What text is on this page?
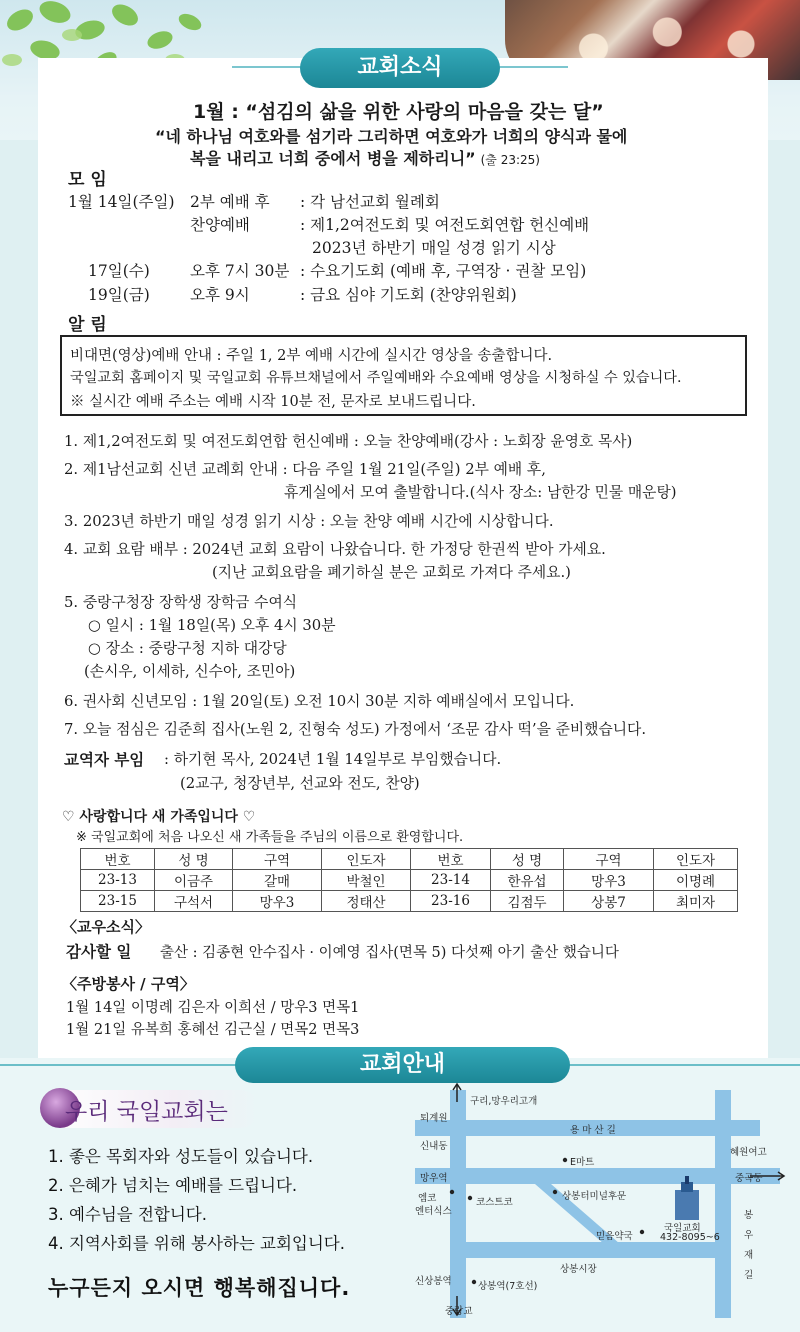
교회소식
1월 : “섬김의 삶을 위한 사랑의 마음을 갖는 달”
“네 하나님 여호와를 섬기라 그리하면 여호와가 너희의 양식과 물에
복을 내리고 너희 중에서 병을 제하리니” (출 23:25)
모 임
1월 14일(주일) 2부 예배 후 : 각 남선교회 월례회
찬양예배	: 제1,2여전도회 및 여전도회연합 헌신예배
2023년 하반기 매일 성경 읽기 시상
17일(수)	오후 7시 30분 : 수요기도회 (예배 후, 구역장 · 권찰 모임)
19일(금)	오후 9시	: 금요 심야 기도회 (찬양위원회)
알 림
비대면(영상)예배 안내 : 주일 1, 2부 예배 시간에 실시간 영상을 송출합니다.
국일교회 홈페이지 및 국일교회 유튜브채널에서 주일예배와 수요예배 영상을 시청하실 수 있습니다.
※ 실시간 예배 주소는 예배 시작 10분 전, 문자로 보내드립니다.
1. 제1,2여전도회 및 여전도회연합 헌신예배 : 오늘 찬양예배(강사 : 노회장 윤영호 목사)
2. 제1남선교회 신년 교례회 안내 : 다음 주일 1월 21일(주일) 2부 예배 후,
휴게실에서 모여 출발합니다.(식사 장소: 남한강 민물 매운탕)
3. 2023년 하반기 매일 성경 읽기 시상 : 오늘 찬양 예배 시간에 시상합니다.
4. 교회 요람 배부 : 2024년 교회 요람이 나왔습니다. 한 가정당 한권씩 받아 가세요.
(지난 교회요람을 폐기하실 분은 교회로 가져다 주세요.)
5. 중랑구청장 장학생 장학금 수여식
○ 일시 : 1월 18일(목) 오후 4시 30분
○ 장소 : 중랑구청 지하 대강당
(손시우, 이세하, 신수아, 조민아)
6. 권사회 신년모임 : 1월 20일(토) 오전 10시 30분 지하 예배실에서 모입니다.
7. 오늘 점심은 김준희 집사(노원 2, 진형숙 성도) 가정에서 ‘조문 감사 떡’을 준비했습니다.
교역자 부임 : 하기현 목사, 2024년 1월 14일부로 부임했습니다.
(2교구, 청장년부, 선교와 전도, 찬양)
♡ 사랑합니다 새 가족입니다 ♡
※ 국일교회에 처음 나오신 새 가족들을 주님의 이름으로 환영합니다.
번호	성 명	구역	인도자	번호	성 명	구역	인도자
23-13	이금주	갈매	박철인	23-14	한유섭	망우3	이명례
23-15	구석서	망우3	정태산	23-16	김점두	상봉7	최미자
〈교우소식〉
감사할 일 출산 : 김종현 안수집사 · 이예영 집사(면목 5) 다섯째 아기 출산 했습니다
〈주방봉사 / 구역〉
1월 14일 이명례 김은자 이희선 / 망우3 면목1
1월 21일 유복희 홍혜선 김근실 / 면목2 면목3
교회안내
우리 국일교회는
1. 좋은 목회자와 성도들이 있습니다.
2. 은혜가 넘치는 예배를 드립니다.
3. 예수님을 전합니다.
4. 지역사회를 위해 봉사하는 교회입니다.
누구든지 오시면 행복해집니다.
구리,망우리고개
퇴계원
용 마 산 길
신내동
혜원여고
E마트
망우역	중곡동
엠코
엔터식스
코스트코
상봉터미널후문
국일교회
432-8095~6
믿음약국
봉
우
재
길
상봉시장
신상봉역	상봉역(7호선)
중랑교
